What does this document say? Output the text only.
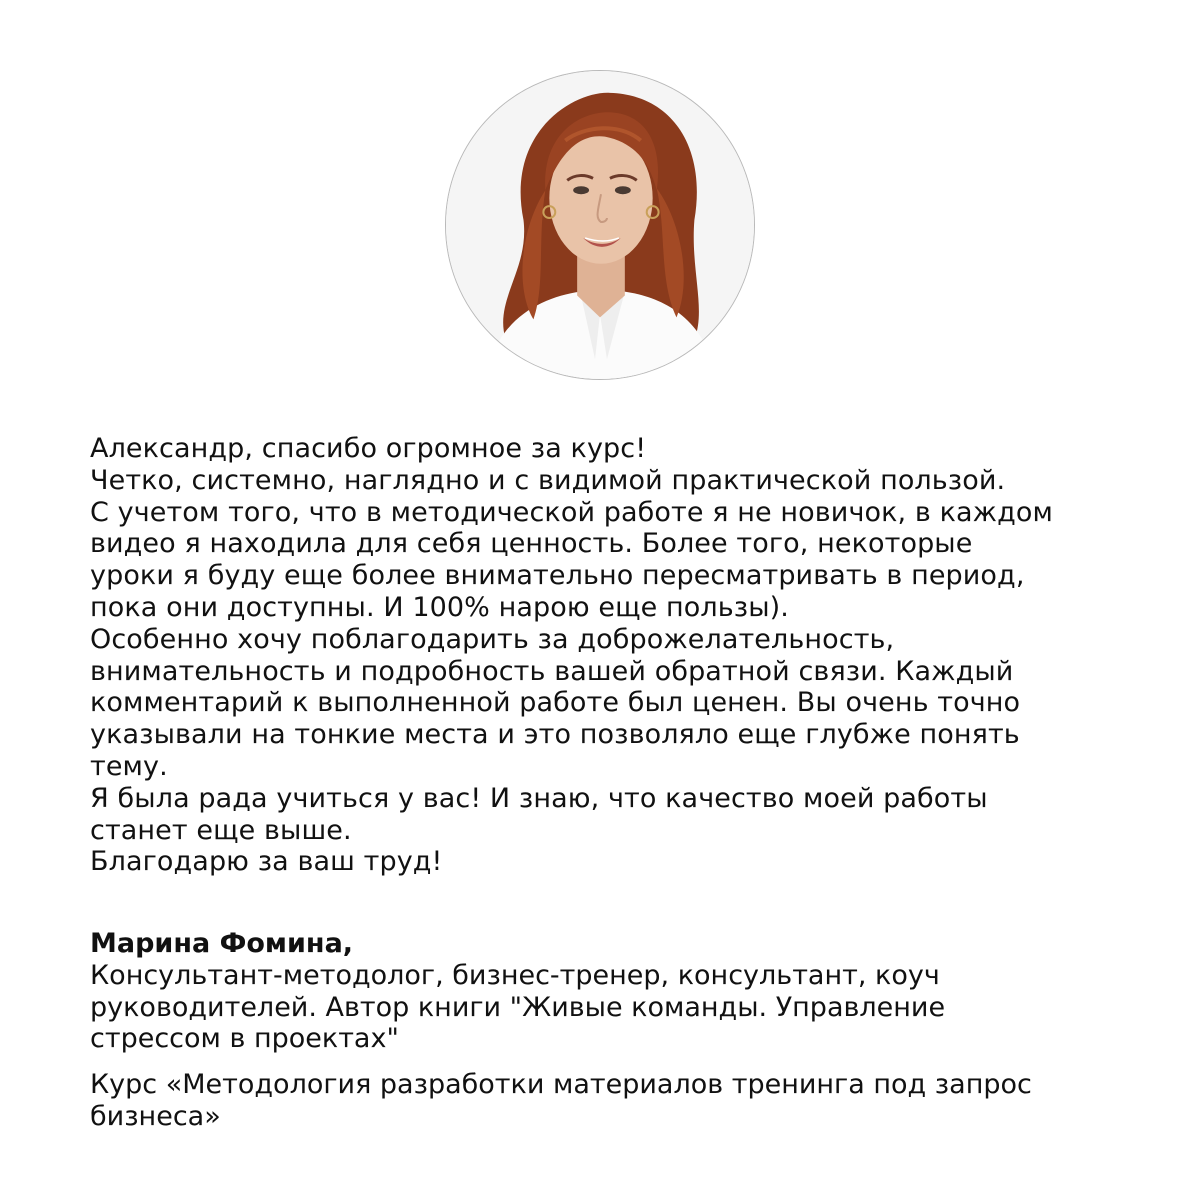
Александр, спасибо огромное за курс!

Четко, системно, наглядно и с видимой практической пользой.

С учетом того, что в методической работе я не новичок, в каждом

видео я находила для себя ценность. Более того, некоторые

уроки я буду еще более внимательно пересматривать в период,

пока они доступны. И 100% нарою еще пользы).

Особенно хочу поблагодарить за доброжелательность,

внимательность и подробность вашей обратной связи. Каждый

комментарий к выполненной работе был ценен. Вы очень точно

указывали на тонкие места и это позволяло еще глубже понять

тему.

Я была рада учиться у вас! И знаю, что качество моей работы

станет еще выше.

Благодарю за ваш труд!

Марина Фомина,

Консультант-методолог, бизнес-тренер, консультант, коуч

руководителей. Автор книги "Живые команды. Управление

стрессом в проектах"

Курс «Методология разработки материалов тренинга под запрос

бизнеса»
